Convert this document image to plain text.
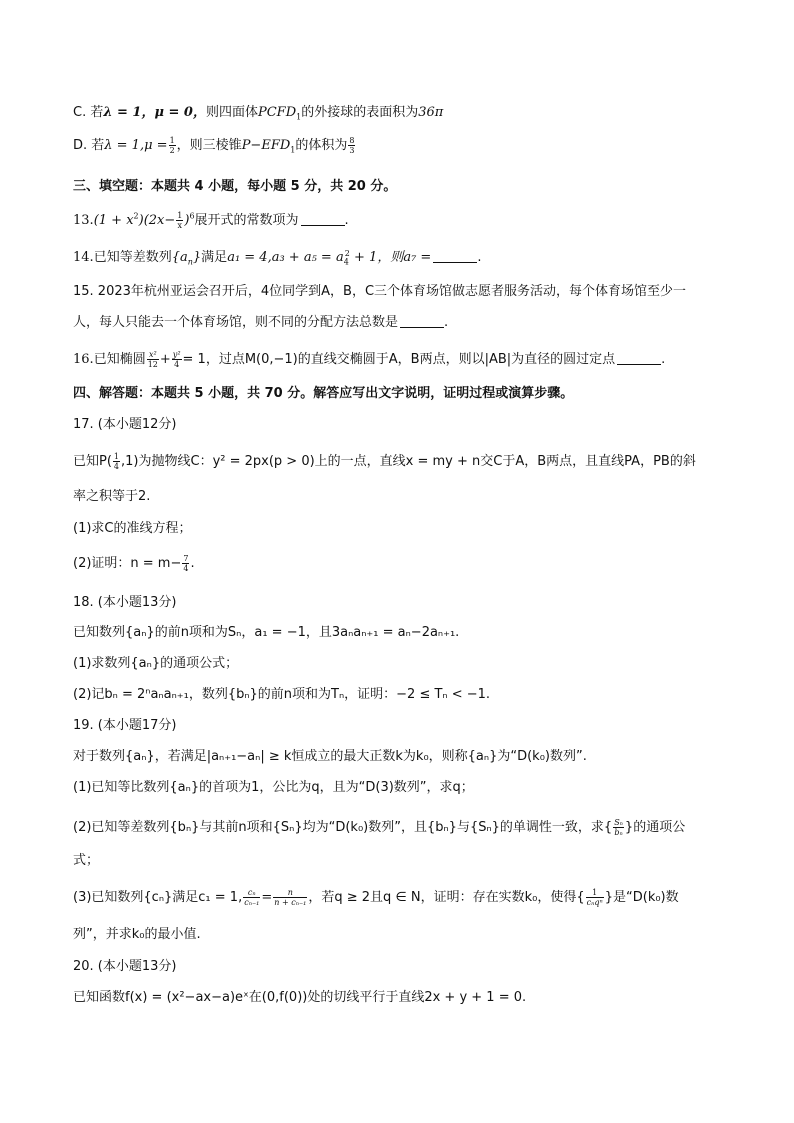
C. 若λ = 1，μ = 0，则四面体$PCFD_1$的外接球的表面积为36π
D. 若$\lambda = 1,\mu = \frac{1}{2}$ ，则三棱锥$P-EFD_1$的体积为 $\frac{8}{3}$
三、填空题：本题共 4 小题，每小题 5 分，共 20 分。
$13.(1 + x^2)(2x- \frac{1}{x} )^6$展开式的常数项为	.
14.已知等差数列$\{a_n\}$满足$a_1 = 4,a_3 + a_5 = a_4^2 + 1$，则a₇ =	.
15. 2023年杭州亚运会召开后，4位同学到A，B，C三个体育场馆做志愿者服务活动，每个体育场馆至少一
人，每人只能去一个体育场馆，则不同的分配方法总数是	.
16.已知椭圆 $\frac{\text{x²}}{12} + \frac{\text{y²}}{4} = 1$，过点M(0,−1)的直线交椭圆于A，B两点，则以|AB|为直径的圆过定点	.
四、解答题：本题共 5 小题，共 70 分。解答应写出文字说明，证明过程或演算步骤。
17. (本小题12分)
已知$P( \frac{1}{4} ,1)$为抛物线C：y² = 2px(p > 0)上的一点，直线x = my + n交C于A，B两点，且直线PA，PB的斜
率之积等于2.
(1)求C的准线方程；
(2)证明：$n = m- \frac{7}{4}$ .
18. (本小题13分)
已知数列{aₙ}的前n项和为Sₙ，a₁ = −1，且3aₙaₙ₊₁ = aₙ−2aₙ₊₁.
(1)求数列{aₙ}的通项公式；
(2)记bₙ = 2ⁿaₙaₙ₊₁，数列{bₙ}的前n项和为Tₙ，证明：−2 ≤ Tₙ < −1.
19. (本小题17分)
对于数列{aₙ}，若满足|aₙ₊₁−aₙ| ≥ k恒成立的最大正数k为k₀，则称{aₙ}为“D(k₀)数列”.
(1)已知等比数列{aₙ}的首项为1，公比为q，且为“D(3)数列”，求q；
(2)已知等差数列{bₙ}与其前n项和{Sₙ}均为“D(k₀)数列”，且{bₙ}与{Sₙ}的单调性一致，求{ $\frac{\text{Sₙ}}{\text{bₙ}}$ }的通项公
式；
(3)已知数列{cₙ}满足c₁ = 1, $\frac{\text{cₙ}}{\text{cₙ₋₁}} = \frac{n}{\text{n + cₙ₋₁}}$ ，若q ≥ 2且q ∈ N，证明：存在实数k₀，使得{ $\frac{1}{\text{cₙqⁿ}}$ }是“D(k₀)数
列”，并求k₀的最小值.
20. (本小题13分)
已知函数f(x) = (x²−ax−a)eˣ在(0,f(0))处的切线平行于直线2x + y + 1 = 0.
